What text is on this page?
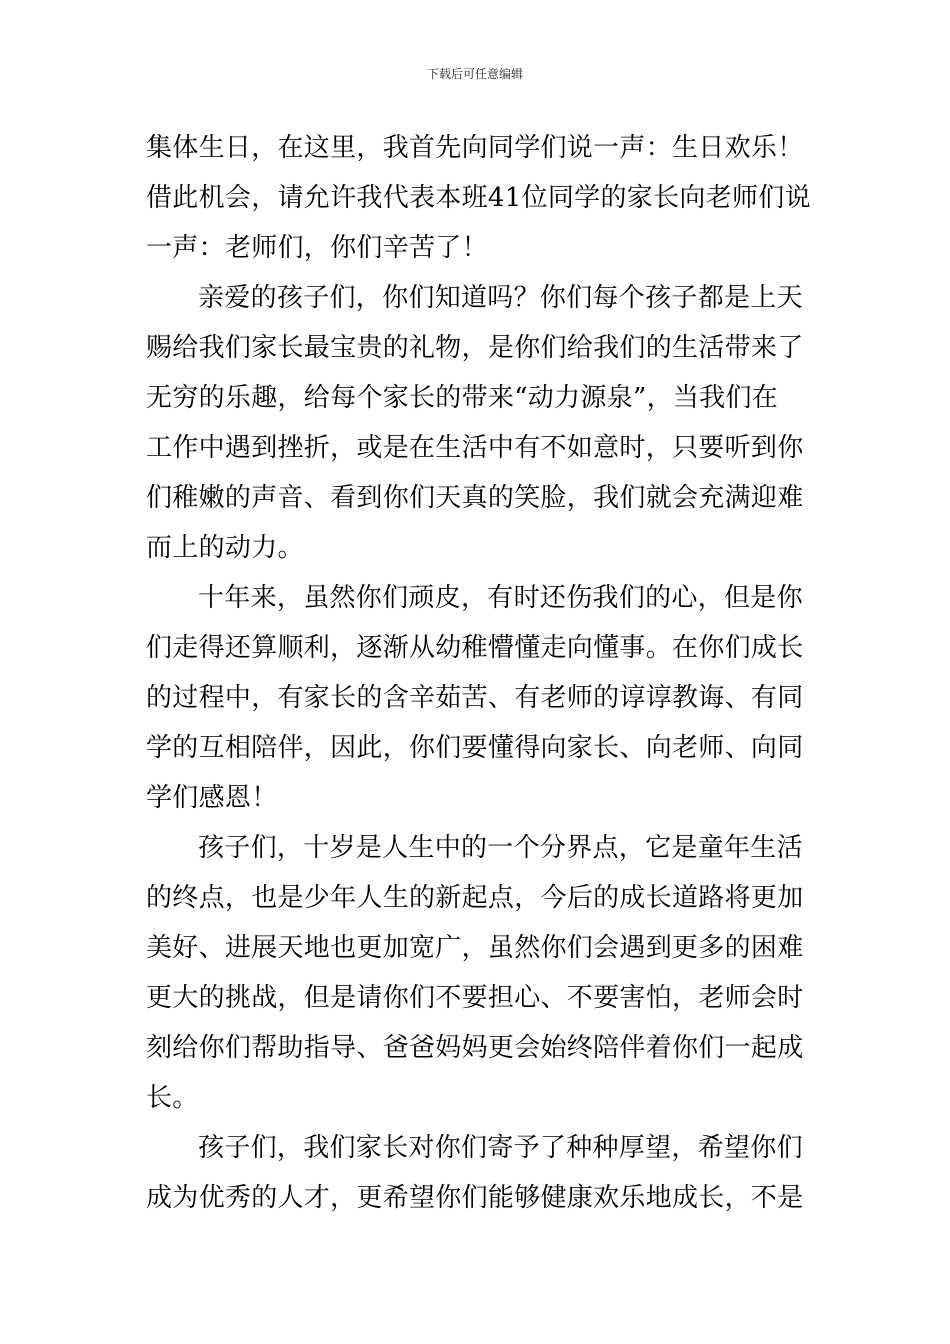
下载后可任意编辑
集体生日，在这里，我首先向同学们说一声：生日欢乐！
借此机会，请允许我代表本班41位同学的家长向老师们说
一声：老师们，你们辛苦了！
亲爱的孩子们，你们知道吗？你们每个孩子都是上天
赐给我们家长最宝贵的礼物，是你们给我们的生活带来了
无穷的乐趣，给每个家长的带来“动力源泉”，当我们在
工作中遇到挫折，或是在生活中有不如意时，只要听到你
们稚嫩的声音、看到你们天真的笑脸，我们就会充满迎难
而上的动力。
十年来，虽然你们顽皮，有时还伤我们的心，但是你
们走得还算顺利，逐渐从幼稚懵懂走向懂事。在你们成长
的过程中，有家长的含辛茹苦、有老师的谆谆教诲、有同
学的互相陪伴，因此，你们要懂得向家长、向老师、向同
学们感恩！
孩子们，十岁是人生中的一个分界点，它是童年生活
的终点，也是少年人生的新起点，今后的成长道路将更加
美好、进展天地也更加宽广，虽然你们会遇到更多的困难
更大的挑战，但是请你们不要担心、不要害怕，老师会时
刻给你们帮助指导、爸爸妈妈更会始终陪伴着你们一起成
长。
孩子们，我们家长对你们寄予了种种厚望，希望你们
成为优秀的人才，更希望你们能够健康欢乐地成长，不是
